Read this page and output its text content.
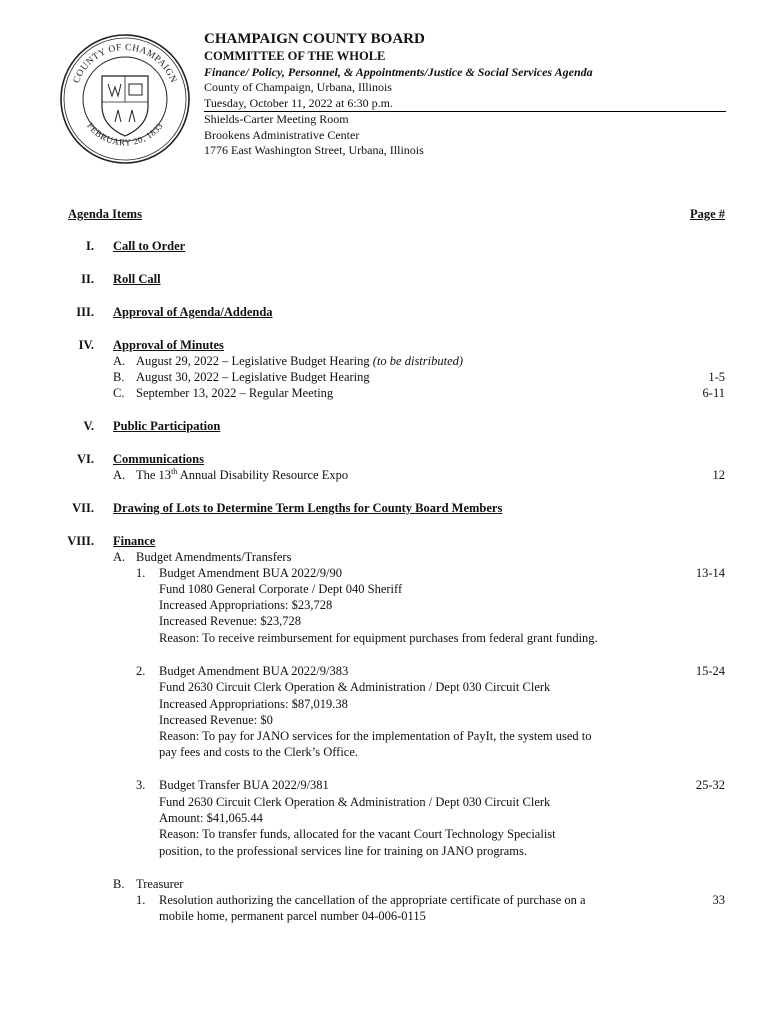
COUNTY OF CHAMPAIGN
FEBRUARY 20, 1833
CHAMPAIGN COUNTY BOARD
COMMITTEE OF THE WHOLE
Finance/ Policy, Personnel, & Appointments/Justice & Social Services Agenda
County of Champaign, Urbana, Illinois
Tuesday, October 11, 2022 at 6:30 p.m.
Shields-Carter Meeting Room
Brookens Administrative Center
1776 East Washington Street, Urbana, Illinois
Agenda Items	Page #
I. Call to Order
II. Roll Call
III. Approval of Agenda/Addenda
IV. Approval of Minutes
A. August 29, 2022 – Legislative Budget Hearing (to be distributed)
B. August 30, 2022 – Legislative Budget Hearing	1-5
C. September 13, 2022 – Regular Meeting	6-11
V. Public Participation
VI. Communications
A. The 13th Annual Disability Resource Expo	12
VII. Drawing of Lots to Determine Term Lengths for County Board Members
VIII. Finance
A. Budget Amendments/Transfers
1. Budget Amendment BUA 2022/9/90	13-14
Fund 1080 General Corporate / Dept 040 Sheriff
Increased Appropriations: $23,728
Increased Revenue: $23,728
Reason: To receive reimbursement for equipment purchases from federal grant funding.
2. Budget Amendment BUA 2022/9/383	15-24
Fund 2630 Circuit Clerk Operation & Administration / Dept 030 Circuit Clerk
Increased Appropriations: $87,019.38
Increased Revenue: $0
Reason: To pay for JANO services for the implementation of PayIt, the system used to
pay fees and costs to the Clerk’s Office.
3. Budget Transfer BUA 2022/9/381	25-32
Fund 2630 Circuit Clerk Operation & Administration / Dept 030 Circuit Clerk
Amount: $41,065.44
Reason: To transfer funds, allocated for the vacant Court Technology Specialist
position, to the professional services line for training on JANO programs.
B. Treasurer
1. Resolution authorizing the cancellation of the appropriate certificate of purchase on a	33
mobile home, permanent parcel number 04-006-0115
